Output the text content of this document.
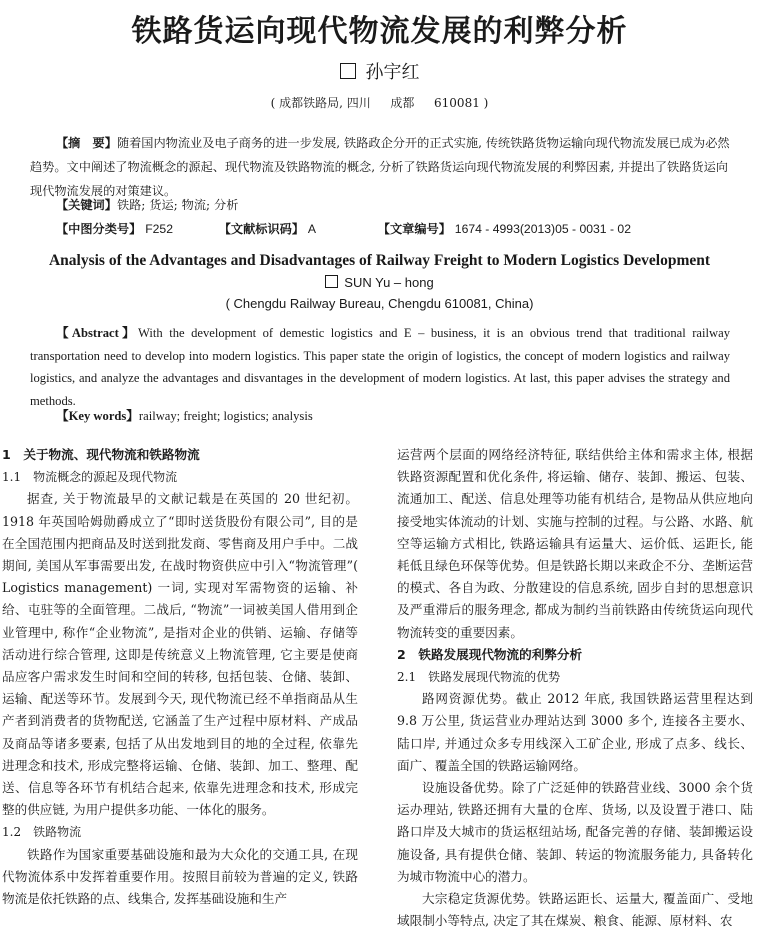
铁路货运向现代物流发展的利弊分析
孙宇红
( 成都铁路局, 四川 　 成都 　 610081 )

【摘　要】随着国内物流业及电子商务的进一步发展, 铁路政企分开的正式实施, 传统铁路货物运输向现代物流发展已成为必然趋势。文中阐述了物流概念的源起、现代物流及铁路物流的概念, 分析了铁路货运向现代物流发展的利弊因素, 并提出了铁路货运向现代物流发展的对策建议。

【关键词】铁路; 货运; 物流; 分析
【中图分类号】 F252	【文献标识码】 A	【文章编号】 1674 - 4993(2013)05 - 0031 - 02
Analysis of the Advantages and Disadvantages of Railway Freight to Modern Logistics Development
SUN Yu – hong
( Chengdu Railway Bureau, Chengdu 610081, China)

【Abstract】With the development of demestic logistics and E – business, it is an obvious trend that traditional railway transportation need to develop into modern logistics. This paper state the origin of logistics, the concept of modern logistics and railway logistics, and analyze the advantages and disvantages in the development of modern logistics. At last, this paper advises the strategy and methods.

【Key words】railway; freight; logistics; analysis
1　关于物流、现代物流和铁路物流
1.1　物流概念的源起及现代物流

据查, 关于物流最早的文献记载是在英国的 20 世纪初。1918 年英国哈姆勋爵成立了“即时送货股份有限公司”, 目的是在全国范围内把商品及时送到批发商、零售商及用户手中。二战期间, 美国从军事需要出发, 在战时物资供应中引入“物流管理”( Logistics management) 一词, 实现对军需物资的运输、补给、屯驻等的全面管理。二战后, “物流”一词被美国人借用到企业管理中, 称作“企业物流”, 是指对企业的供销、运输、存储等活动进行综合管理, 这即是传统意义上物流管理, 它主要是使商品应客户需求发生时间和空间的转移, 包括包装、仓储、装卸、运输、配送等环节。发展到今天, 现代物流已经不单指商品从生产者到消费者的货物配送, 它涵盖了生产过程中原材料、产成品及商品等诸多要素, 包括了从出发地到目的地的全过程, 依靠先进理念和技术, 形成完整将运输、仓储、装卸、加工、整理、配送、信息等各环节有机结合起来, 依靠先进理念和技术, 形成完整的供应链, 为用户提供多功能、一体化的服务。

1.2　铁路物流

铁路作为国家重要基础设施和最为大众化的交通工具, 在现代物流体系中发挥着重要作用。按照目前较为普遍的定义, 铁路物流是依托铁路的点、线集合, 发挥基础设施和生产

运营两个层面的网络经济特征, 联结供给主体和需求主体, 根据铁路资源配置和优化条件, 将运输、储存、装卸、搬运、包装、流通加工、配送、信息处理等功能有机结合, 是物品从供应地向接受地实体流动的计划、实施与控制的过程。与公路、水路、航空等运输方式相比, 铁路运输具有运量大、运价低、运距长, 能耗低且绿色环保等优势。但是铁路长期以来政企不分、垄断运营的模式、各自为政、分散建设的信息系统, 固步自封的思想意识及严重滞后的服务理念, 都成为制约当前铁路由传统货运向现代物流转变的重要因素。

2　铁路发展现代物流的利弊分析
2.1　铁路发展现代物流的优势

路网资源优势。截止 2012 年底, 我国铁路运营里程达到 9.8 万公里, 货运营业办理站达到 3000 多个, 连接各主要水、陆口岸, 并通过众多专用线深入工矿企业, 形成了点多、线长、面广、覆盖全国的铁路运输网络。

设施设备优势。除了广泛延伸的铁路营业线、3000 余个货运办理站, 铁路还拥有大量的仓库、货场, 以及设置于港口、陆路口岸及大城市的货运枢纽站场, 配备完善的存储、装卸搬运设施设备, 具有提供仓储、装卸、转运的物流服务能力, 具备转化为城市物流中心的潜力。

大宗稳定货源优势。铁路运距长、运量大, 覆盖面广、受地域限制小等特点, 决定了其在煤炭、粮食、能源、原材料、农
